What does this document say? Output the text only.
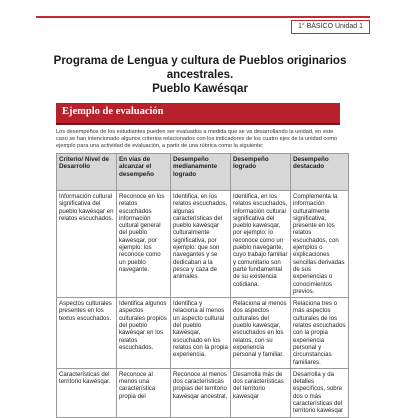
1° BÁSICO Unidad 1
Programa de Lengua y cultura de Pueblos originarios ancestrales.
Pueblo Kawésqar
Ejemplo de evaluación
Los desempeños de los estudiantes pueden ser evaluados a medida que se va desarrollando la unidad, en este caso se han intencionado algunos criterios relacionados con los indicadores de los cuatro ejes de la unidad como ejemplo para una actividad de evaluación, a partir de una rúbrica como la siguiente:
Criterio/ Nivel de Desarrollo	En vías de alcanzar el desempeño	Desempeño medianamente logrado	Desempeño logrado	Desempeño destacado
Información cultural significativa del pueblo kawésqar en relatos escuchados.	Reconoce en los relatos escuchados información cultural general del pueblo kawésqar, por ejemplo: los reconoce como un pueblo navegante.	Identifica, en los relatos escuchados, algunas características del pueblo kawésqar culturalmente significativa, por ejemplo: que son navegantes y se dedicaban a la pesca y caza de animales.	Identifica, en los relatos escuchados, información cultural significativa del pueblo kawésqar, por ejemplo: lo reconoce como un pueblo navegante, cuyo trabajo familiar y comunitario son parte fundamental de su existencia cotidiana.	Complementa la información culturalmente significativa, presente en los relatos escuchados, con ejemplos o explicaciones sencillas derivadas de sus experiencias o conocimientos previos.
Aspectos culturales presentes en los textos escuchados.	Identifica algunos aspectos culturales propios del pueblo kawésqar en los relatos escuchados.	Identifica y relaciona al menos un aspecto cultural del pueblo kawésqar, escuchado en los relatos con la propia experiencia.	Relaciona al menos dos aspectos culturales del pueblo kawésqar, escuchados en los relatos, con su experiencia personal y familiar.	Relaciona tres o más aspectos culturales de los relatos escuchados con la propia experiencia personal y circunstancias familiares.
Características del territorio kawésqar.	Reconoce al menos una característica propia del	Reconoce al menos dos características propias del territorio kawésqar ancestral,	Desarrolla más de dos características del territorio kawésqar	Desarrolla y da detalles específicos, sobre dos o más características del territorio kawésqar
